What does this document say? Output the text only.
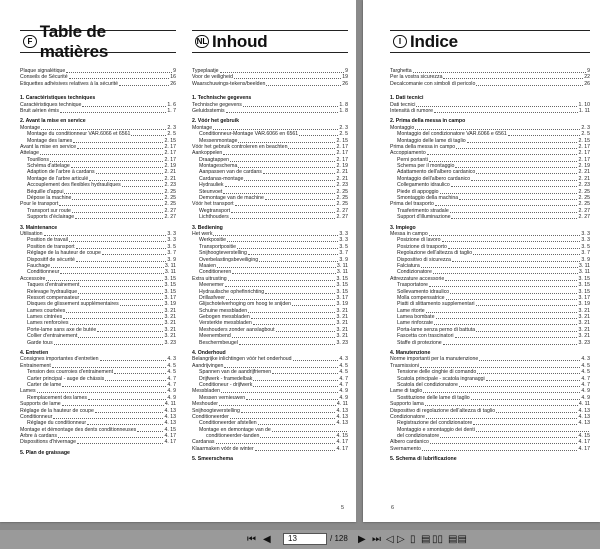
F
Table de matières
Plaque signalétique	9
Conseils de Sécurité	16
Etiquettes adhésives relatives à la sécurité	26
1. Caractéristiques techniques
Caractéristiques technique	1. 6
Bruit aérien émis	1. 7
2. Avant la mise en service
Montage	2. 3
Montage du conditionneur VAR.6066 et 6561	2. 5
Montage des lames	2. 15
Avant la mise en service	2. 17
Attelage	2. 17
Tourillons	2. 17
Schéma d'attelage	2. 19
Adaption de l'arbre à cardans	2. 21
Montage de l'arbre articulé	2. 21
Accouplement des flexibles hydrauliques	2. 23
Béquille d'appui	2. 25
Dépose la machine	2. 25
Pour le transport	2. 25
Transport sur route	2. 27
Supports d'éclairage	2. 27
3. Maintenance
Utilisation	3. 3
Position de travail	3. 3
Position de transport	3. 5
Réglage de la hauteur de coupe	3. 7
Dispositif de sécurité	3. 9
Fauchage	3. 11
Conditionneur	3. 11
Accessoire	3. 15
Taques d'entrainement	3. 15
Relevage hydraulique	3. 15
Ressort compensateur	3. 17
Disques de glissement supplémentaires	3. 19
Lames courbées	3. 21
Lames cintrées	3. 21
Lames renforcées	3. 21
Porte-lame sans axe de butée	3. 21
Collier d'entrainement	3. 21
Garde tous	3. 23
4. Entretien
Consignes importantes d'entretien	4. 3
Entrainement	4. 5
Tension des courroies d'entrainement	4. 5
Carter principal - auge de chássis	4. 7
Carter de lame	4. 7
Lames	4. 9
Remplacement des lames	4. 9
Supports de lame	4. 11
Réglage de la hauteur de coupe	4. 13
Conditionneur	4. 13
Réglage du conditionneur	4. 13
Montage et démontage des dents conditionneuses	4. 15
Arbre à cardans	4. 17
Dispositions d'hivernage	4. 17
5. Plan de graissage
NL Inhoud
Typeplaatje	9
Voor de veiligheid	19
Waarschuwings-tekens/beelden	26
1. Technische gegevens
Technische gegevens	1. 8
Geluidsstemis	1. 8
2. Vóór het gebruik
Montage	2. 3
Conditionneur-Montage VAR.6066 en 6561	2. 5
Messenmontage	2. 15
Vóór het gebruik controleren en beachten	2. 17
Aankoppelen	2. 17
Draagtappen	2. 17
Montageschema	2. 19
Aanpassen van de cardans	2. 21
Cardanas-montage	2. 21
Hydrauliek	2. 23
Steunvoet	2. 25
Demontage van de machine	2. 25
Vóór het transport	2. 25
Wegtransport	2. 27
Lichthouders	2. 27
3. Bediening
Het werk	3. 3
Werkpositie	3. 3
Transportpositie	3. 5
Snijhoogteverstelling	3. 7
Overbelastingsbeveiliging	3. 9
Maaien	3. 11
Conditioneren	3. 11
Extra uitrusting	3. 15
Meenemer	3. 15
Hydraulische ophefinrichting	3. 15
Drillasfveer	3. 17
Glijschotelverhoging om hoog te snijden	3. 19
Schuine messbladen	3. 21
Gebogen messbladen	3. 21
Versterkte messbladen	3. 21
Meshouders zonder aanslagbout	3. 21
Meenembend	3. 21
Beschermbeugel	3. 23
4. Onderhoud
Belangrijke inlichtingen vóór het onderhoud	4. 3
Aandrijvingen	4. 5
Spannen van de aandrijfriemen	4. 5
Drijfwerk - framedelbak	4. 7
Conditioneur - drijfwerk	4. 7
Messbladen	4. 9
Messen vernieuwen	4. 9
Meshouder	4. 11
Snijhoogteverstelling	4. 13
Conditioneerder	4. 13
Conditioneerder afstellen	4. 13
Montage en demontage van de
conditioneerder-tanden	4. 15
Cardanas	4. 17
Klaarmaken vóór de winter	4. 17
5. Smeerschema
5
I Indice
Targhetta	9
Per la vostra sicurezza	22
Decalcomanie con simboli di pericolo	26
1. Dati tecnici
Dati tecnici	1. 10
Intensità di rumore	1. 11
2. Prima della messa in campo
Montaggio	2. 3
Montaggio del condizionatore VAR.6066 e 6561	2. 5
Montaggio delle lame di taglio	2. 15
Prima della messa in campo	2. 17
Accoppiamento	2. 17
Perni portanti	2. 17
Schema per il montaggio	2. 19
Adattamento dell'albero cardanico	2. 21
Montaggio dell'albero cardanico	2. 21
Collegamento idraulico	2. 23
Piede di appoggio	2. 25
Smontaggio della machina	2. 25
Prima del trasporto	2. 25
Trasferimento stradale	2. 27
Support d'illuminazione	2. 27
3. Impiego
Messa in campo	3. 3
Posizione di lavoro	3. 3
Posizione di trasporto	3. 5
Regolazione dell'altezza di taglio	3. 7
Dispositivo di sicurezza	3. 9
Falciatura	3. 11
Condizionatore	3. 11
Attrezzature accessorie	3. 15
Trasportatore	3. 15
Sollevamento idraulico	3. 15
Molla compensatrice	3. 17
Piatti di slittamento supplementari	3. 19
Lame ritorte	3. 21
Lamea bombate	3. 21
Lame rinforzate	3. 21
Porta-lame senza perno di battuta	3. 21
Fascetta con trascinatori	3. 21
Staffe di protezione	3. 23
4. Manutenzione
Norme importanti per la manutenzione	4. 3
Trasmissioni	4. 5
Tensione delle cinghie di comando	4. 5
Scatola principale - scatola ingranaggi	4. 7
Scatola del condizionatore	4. 7
Lame di taglio	4. 9
Sostituzione delle lame di taglio	4. 9
Supporto lama	4. 11
Dispositivo di regolazione dell'altezza di taglio	4. 13
Condizionatore	4. 13
Registrazione del condizionatore	4. 13
Montaggio e smontaggio dei denti
del condizionatore	4. 15
Albero cardanico	4. 17
Svernamento	4. 17
5. Schema di lubrificazione
6
⏮ ◀	13	/ 128 ▶ ⏭ ◁ ▷ ▯ ▤ ▯▯ ▤▤
